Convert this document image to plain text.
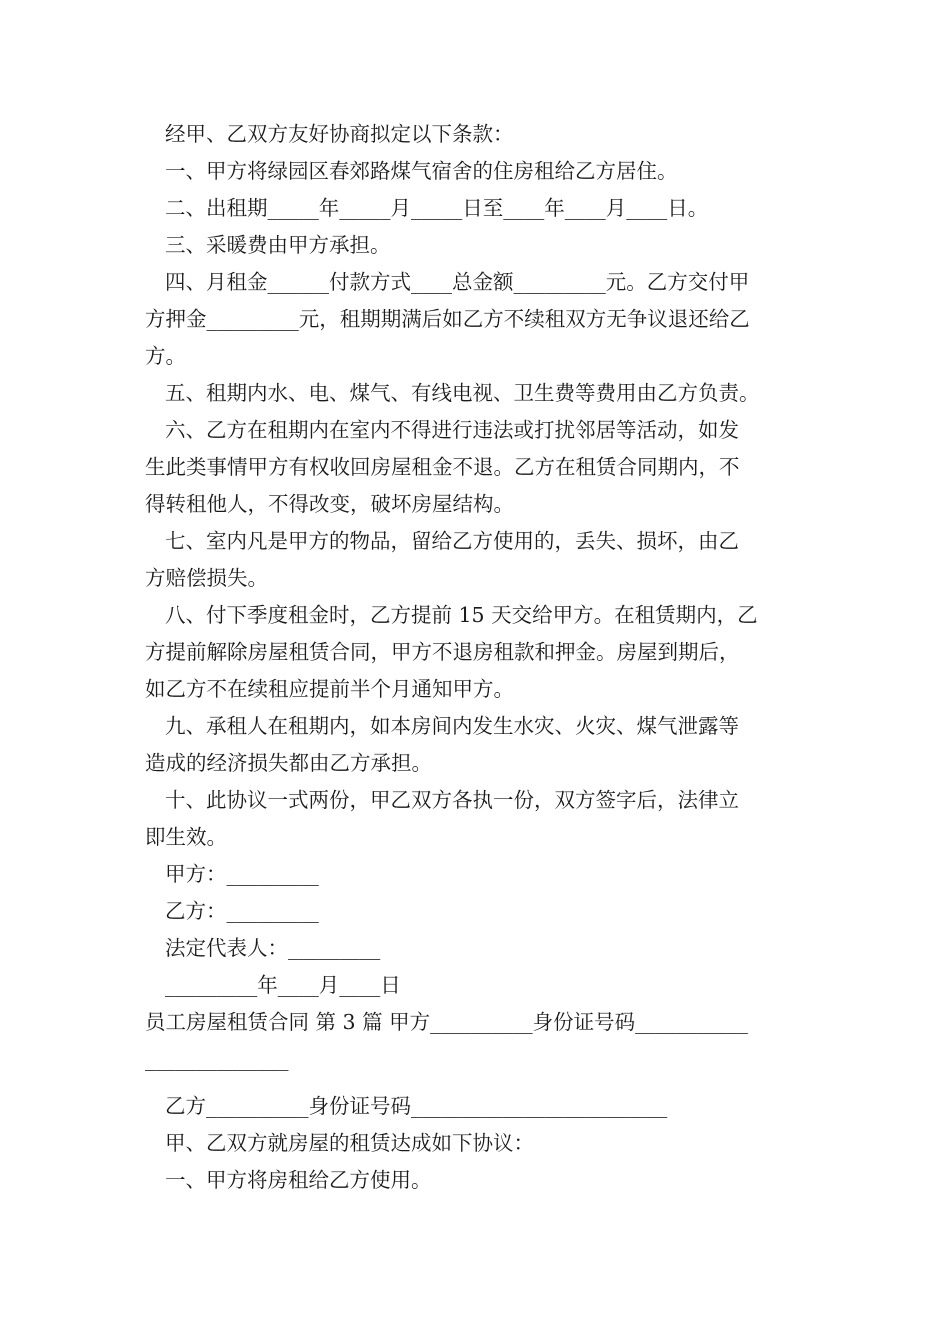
经甲、乙双方友好协商拟定以下条款：
一、甲方将绿园区春郊路煤气宿舍的住房租给乙方居住。
二、出租期_____年_____月_____日至____年____月____日。
三、采暖费由甲方承担。
四、月租金______付款方式____总金额_________元。乙方交付甲
方押金_________元，租期期满后如乙方不续租双方无争议退还给乙
方。
五、租期内水、电、煤气、有线电视、卫生费等费用由乙方负责。
六、乙方在租期内在室内不得进行违法或打扰邻居等活动，如发
生此类事情甲方有权收回房屋租金不退。乙方在租赁合同期内，不
得转租他人，不得改变，破坏房屋结构。
七、室内凡是甲方的物品，留给乙方使用的，丢失、损坏，由乙
方赔偿损失。
八、付下季度租金时，乙方提前 15 天交给甲方。在租赁期内，乙
方提前解除房屋租赁合同，甲方不退房租款和押金。房屋到期后，
如乙方不在续租应提前半个月通知甲方。
九、承租人在租期内，如本房间内发生水灾、火灾、煤气泄露等
造成的经济损失都由乙方承担。
十、此协议一式两份，甲乙双方各执一份，双方签字后，法律立
即生效。
甲方：_________
乙方：_________
法定代表人：_________
_________年____月____日
员工房屋租赁合同 第 3 篇 甲方__________身份证号码___________
______________
乙方__________身份证号码_________________________
甲、乙双方就房屋的租赁达成如下协议：
一、甲方将房租给乙方使用。
